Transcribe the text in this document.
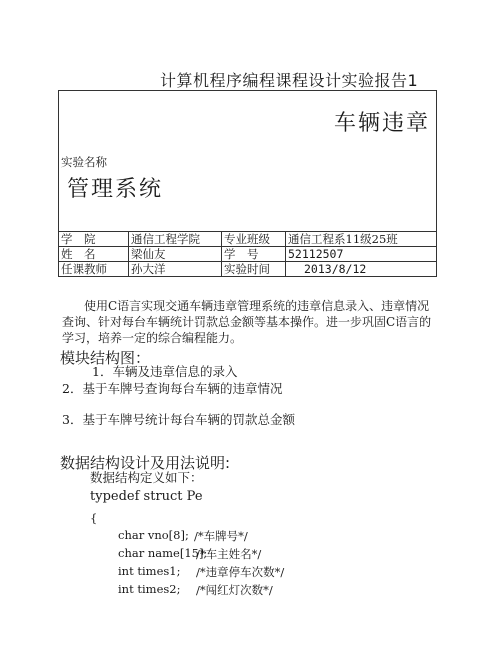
计算机程序编程课程设计实验报告1
实验名称
车辆违章
管理系统			

学　院	通信工程学院	专业班级	通信工程系11级25班
姓　名	梁仙友	学　号	52112507
任课教师	孙大洋	实验时间	2013/8/12
使用C语言实现交通车辆违章管理系统的违章信息录入、违章情况
查询、针对每台车辆统计罚款总金额等基本操作。进一步巩固C语言的
学习，培养一定的综合编程能力。
模块结构图：
1．车辆及违章信息的录入
2．基于车牌号查询每台车辆的违章情况
3．基于车牌号统计每台车辆的罚款总金额
数据结构设计及用法说明:
数据结构定义如下：
typedef struct Pe
{
char vno[8]; /*车牌号*/
char name[15];
/*车主姓名*/
int times1; /*违章停车次数*/
int times2; /*闯红灯次数*/
